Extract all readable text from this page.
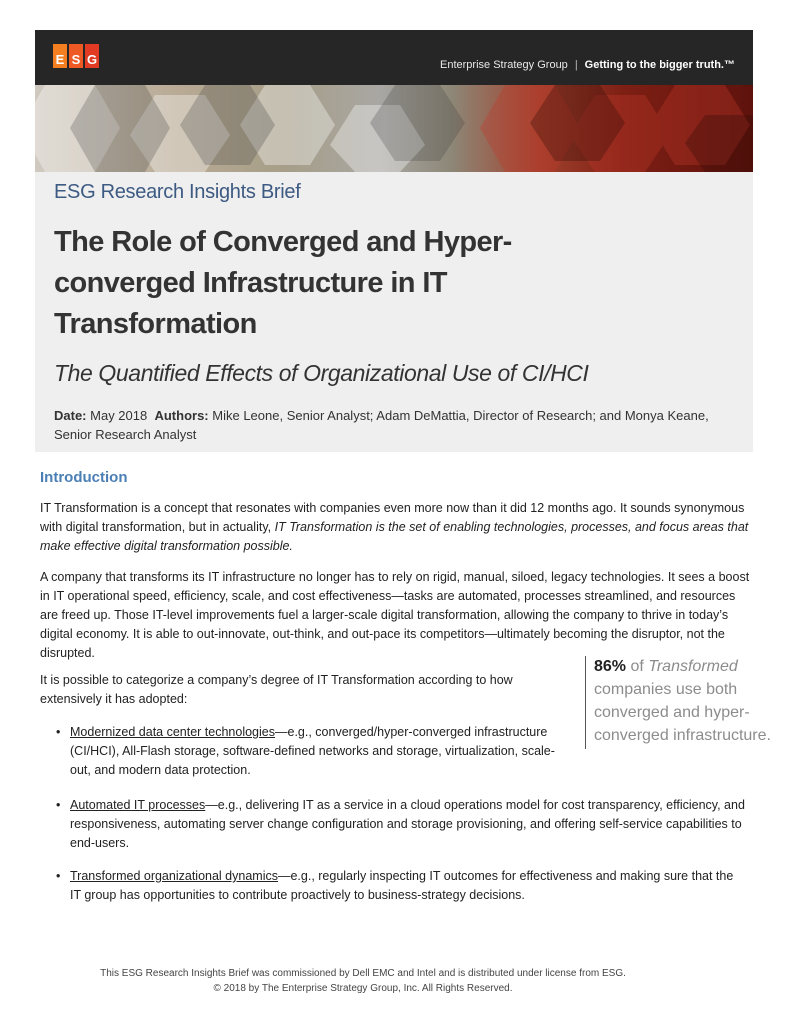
E S G	Enterprise Strategy Group | Getting to the bigger truth.™
ESG Research Insights Brief
The Role of Converged and Hyper-converged Infrastructure in IT Transformation
The Quantified Effects of Organizational Use of CI/HCI
Date: May 2018 Authors: Mike Leone, Senior Analyst; Adam DeMattia, Director of Research; and Monya Keane, Senior Research Analyst
Introduction

IT Transformation is a concept that resonates with companies even more now than it did 12 months ago. It sounds synonymous with digital transformation, but in actuality, IT Transformation is the set of enabling technologies, processes, and focus areas that make effective digital transformation possible.

A company that transforms its IT infrastructure no longer has to rely on rigid, manual, siloed, legacy technologies. It sees a boost in IT operational speed, efficiency, scale, and cost effectiveness—tasks are automated, processes streamlined, and resources are freed up. Those IT-level improvements fuel a larger-scale digital transformation, allowing the company to thrive in today’s digital economy. It is able to out-innovate, out-think, and out-pace its competitors—ultimately becoming the disruptor, not the disrupted.

It is possible to categorize a company’s degree of IT Transformation according to how extensively it has adopted:

86% of Transformed companies use both converged and hyper-converged infrastructure.
• Modernized data center technologies—e.g., converged/hyper-converged infrastructure (CI/HCI), All-Flash storage, software-defined networks and storage, virtualization, scale-out, and modern data protection.
• Automated IT processes—e.g., delivering IT as a service in a cloud operations model for cost transparency, efficiency, and responsiveness, automating server change configuration and storage provisioning, and offering self-service capabilities to end-users.
• Transformed organizational dynamics—e.g., regularly inspecting IT outcomes for effectiveness and making sure that the IT group has opportunities to contribute proactively to business-strategy decisions.
This ESG Research Insights Brief was commissioned by Dell EMC and Intel and is distributed under license from ESG.
© 2018 by The Enterprise Strategy Group, Inc. All Rights Reserved.
